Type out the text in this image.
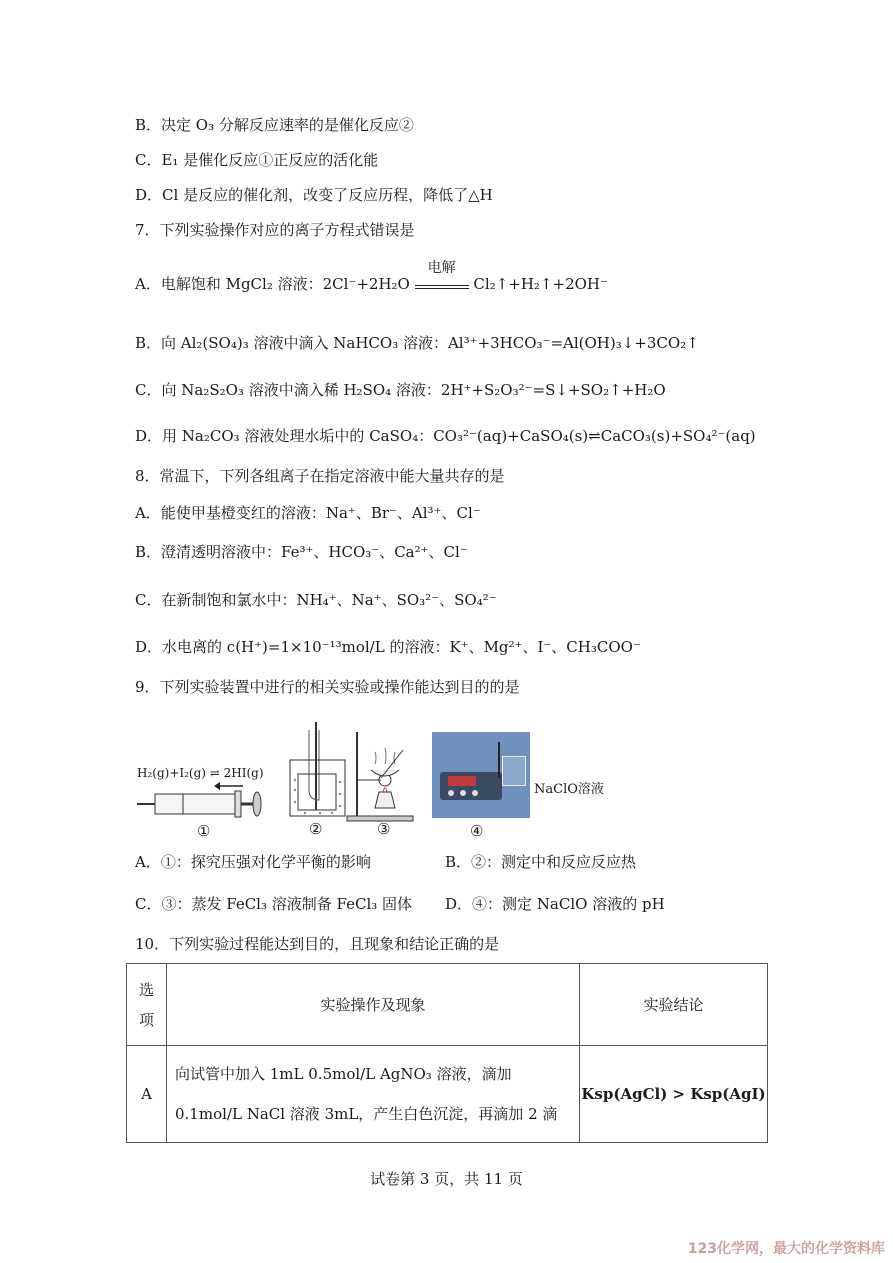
B．决定 O₃ 分解反应速率的是催化反应②
C．E₁ 是催化反应①正反应的活化能
D．Cl 是反应的催化剂，改变了反应历程，降低了△H
7．下列实验操作对应的离子方程式错误是
A．电解饱和 MgCl₂ 溶液：2Cl⁻+2H₂O
电解
Cl₂↑+H₂↑+2OH⁻
B．向 Al₂(SO₄)₃ 溶液中滴入 NaHCO₃ 溶液：Al³⁺+3HCO₃⁻=Al(OH)₃↓+3CO₂↑
C．向 Na₂S₂O₃ 溶液中滴入稀 H₂SO₄ 溶液：2H⁺+S₂O₃²⁻=S↓+SO₂↑+H₂O
D．用 Na₂CO₃ 溶液处理水垢中的 CaSO₄：CO₃²⁻(aq)+CaSO₄(s)⇌CaCO₃(s)+SO₄²⁻(aq)
8．常温下，下列各组离子在指定溶液中能大量共存的是
A．能使甲基橙变红的溶液：Na⁺、Br⁻、Al³⁺、Cl⁻
B．澄清透明溶液中：Fe³⁺、HCO₃⁻、Ca²⁺、Cl⁻
C．在新制饱和氯水中：NH₄⁺、Na⁺、SO₃²⁻、SO₄²⁻
D．水电离的 c(H⁺)=1×10⁻¹³mol/L 的溶液：K⁺、Mg²⁺、I⁻、CH₃COO⁻
9．下列实验装置中进行的相关实验或操作能达到目的的是
H₂(g)+I₂(g) ⇌ 2HI(g)
①	②	③
NaClO溶液
④
A．①：探究压强对化学平衡的影响	B．②：测定中和反应反应热
C．③：蒸发 FeCl₃ 溶液制备 FeCl₃ 固体 D．④：测定 NaClO 溶液的 pH
10．下列实验过程能达到目的，且现象和结论正确的是
选
项	实验操作及现象	实验结论
A	向试管中加入 1mL 0.5mol/L AgNO₃ 溶液，滴加
0.1mol/L NaCl 溶液 3mL，产生白色沉淀，再滴加 2 滴	Ksp(AgCl) > Ksp(AgI)
试卷第 3 页，共 11 页
123化学网，最大的化学资料库
